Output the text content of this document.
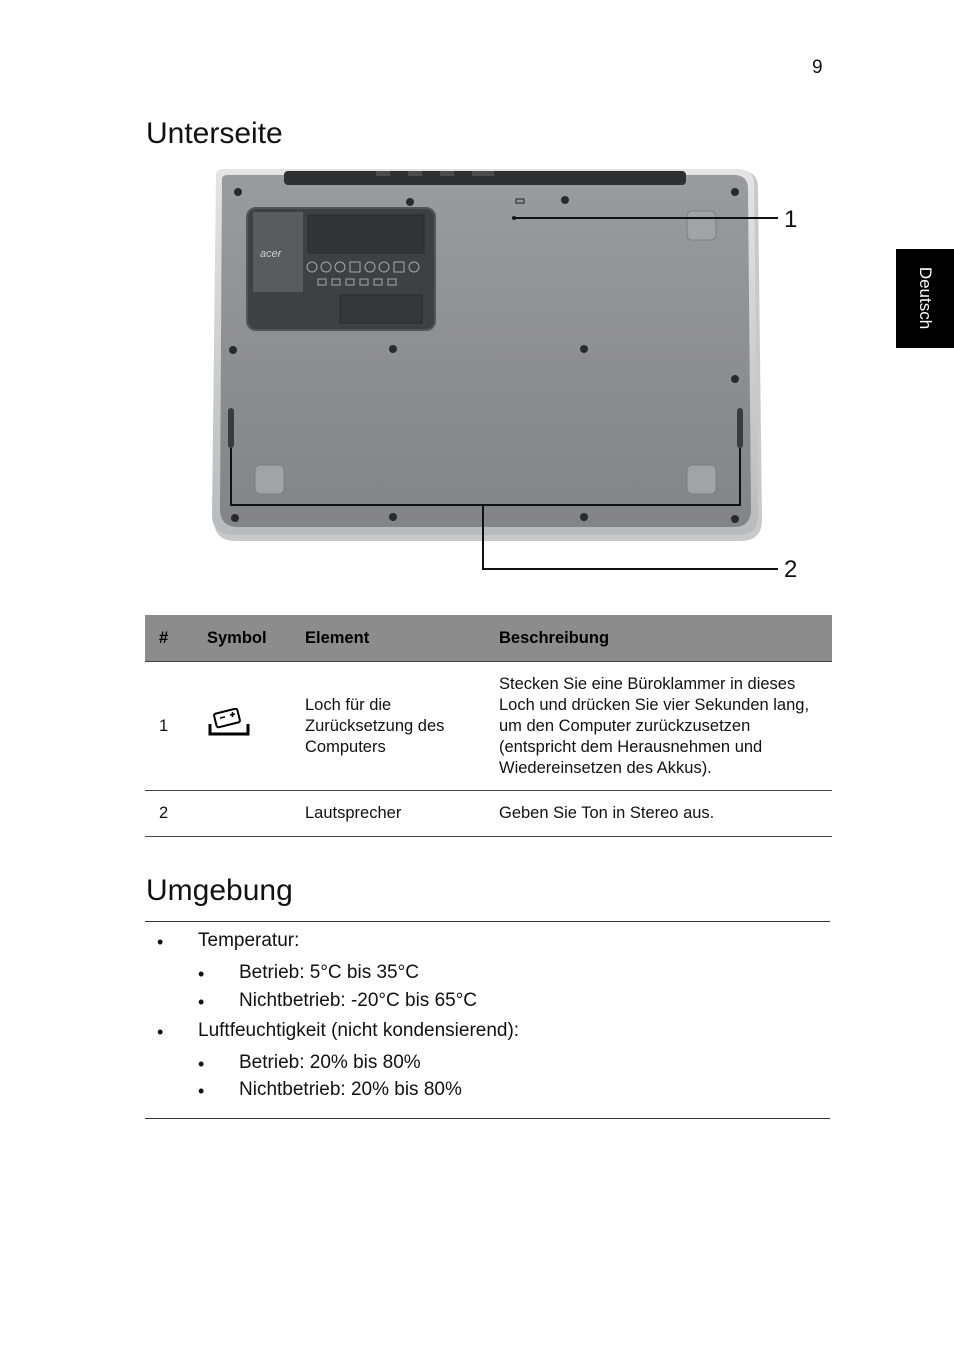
9
Deutsch
Unterseite
acer
1
2
#	Symbol	Element	Beschreibung
1		Loch für die Zurücksetzung des Computers	Stecken Sie eine Büroklammer in dieses Loch und drücken Sie vier Sekunden lang, um den Computer zurückzusetzen (entspricht dem Herausnehmen und Wiedereinsetzen des Akkus).
2		Lautsprecher	Geben Sie Ton in Stereo aus.
Umgebung
• Temperatur:
• Betrieb: 5°C bis 35°C
• Nichtbetrieb: -20°C bis 65°C
• Luftfeuchtigkeit (nicht kondensierend):
• Betrieb: 20% bis 80%
• Nichtbetrieb: 20% bis 80%
